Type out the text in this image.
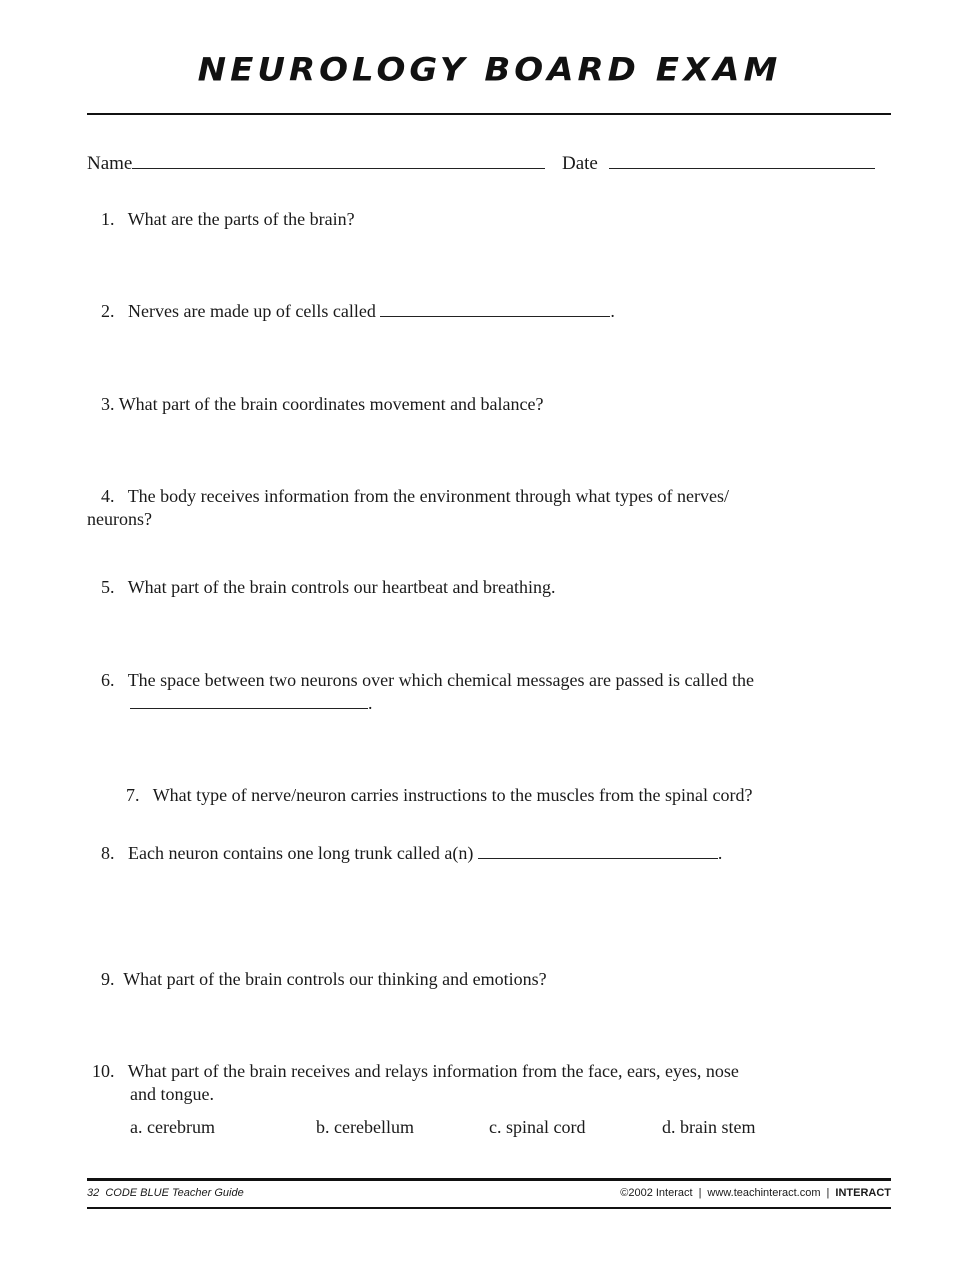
NEUROLOGY BOARD EXAM
Name	Date
1. What are the parts of the brain?
2. Nerves are made up of cells called	.
3. What part of the brain coordinates movement and balance?
4. The body receives information from the environment through what types of nerves/
neurons?
5. What part of the brain controls our heartbeat and breathing.
6. The space between two neurons over which chemical messages are passed is called the
.
7. What type of nerve/neuron carries instructions to the muscles from the spinal cord?
8. Each neuron contains one long trunk called a(n)	.
9. What part of the brain controls our thinking and emotions?
10. What part of the brain receives and relays information from the face, ears, eyes, nose
and tongue.
a. cerebrum	b. cerebellum	c. spinal cord	d. brain stem
32  CODE BLUE Teacher Guide	©2002 Interact | www.teachinteract.com | INTERACT
